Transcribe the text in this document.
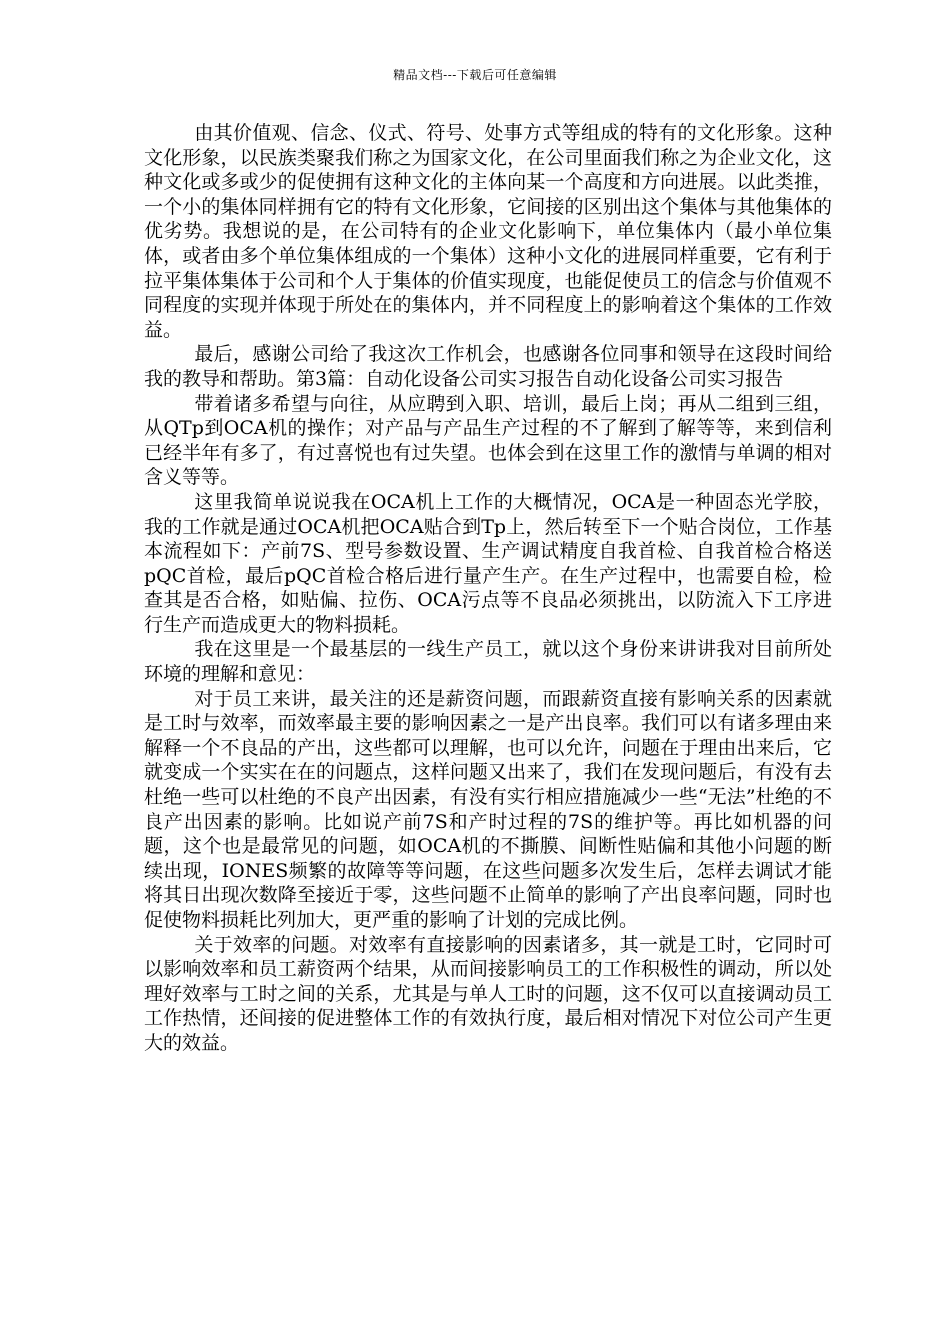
精品文档---下载后可任意编辑

由其价值观、信念、仪式、符号、处事方式等组成的特有的文化形象。这种文化形象，以民族类聚我们称之为国家文化，在公司里面我们称之为企业文化，这种文化或多或少的促使拥有这种文化的主体向某一个高度和方向进展。以此类推，一个小的集体同样拥有它的特有文化形象，它间接的区别出这个集体与其他集体的优劣势。我想说的是，在公司特有的企业文化影响下，单位集体内（最小单位集体，或者由多个单位集体组成的一个集体）这种小文化的进展同样重要，它有利于拉平集体集体于公司和个人于集体的价值实现度，也能促使员工的信念与价值观不同程度的实现并体现于所处在的集体内，并不同程度上的影响着这个集体的工作效益。

最后，感谢公司给了我这次工作机会，也感谢各位同事和领导在这段时间给我的教导和帮助。第3篇：自动化设备公司实习报告自动化设备公司实习报告

带着诸多希望与向往，从应聘到入职、培训，最后上岗；再从二组到三组，从QTp到OCA机的操作；对产品与产品生产过程的不了解到了解等等，来到信利已经半年有多了，有过喜悦也有过失望。也体会到在这里工作的激情与单调的相对含义等等。

这里我简单说说我在OCA机上工作的大概情况，OCA是一种固态光学胶，我的工作就是通过OCA机把OCA贴合到Tp上，然后转至下一个贴合岗位，工作基本流程如下：产前7S、型号参数设置、生产调试精度自我首检、自我首检合格送pQC首检，最后pQC首检合格后进行量产生产。在生产过程中，也需要自检，检查其是否合格，如贴偏、拉伤、OCA污点等不良品必须挑出，以防流入下工序进行生产而造成更大的物料损耗。

我在这里是一个最基层的一线生产员工，就以这个身份来讲讲我对目前所处环境的理解和意见：

对于员工来讲，最关注的还是薪资问题，而跟薪资直接有影响关系的因素就是工时与效率，而效率最主要的影响因素之一是产出良率。我们可以有诸多理由来解释一个不良品的产出，这些都可以理解，也可以允许，问题在于理由出来后，它就变成一个实实在在的问题点，这样问题又出来了，我们在发现问题后，有没有去杜绝一些可以杜绝的不良产出因素，有没有实行相应措施减少一些“无法”杜绝的不良产出因素的影响。比如说产前7S和产时过程的7S的维护等。再比如机器的问题，这个也是最常见的问题，如OCA机的不撕膜、间断性贴偏和其他小问题的断续出现，IONES频繁的故障等等问题，在这些问题多次发生后，怎样去调试才能将其日出现次数降至接近于零，这些问题不止简单的影响了产出良率问题，同时也促使物料损耗比列加大，更严重的影响了计划的完成比例。

关于效率的问题。对效率有直接影响的因素诸多，其一就是工时，它同时可以影响效率和员工薪资两个结果，从而间接影响员工的工作积极性的调动，所以处理好效率与工时之间的关系，尤其是与单人工时的问题，这不仅可以直接调动员工工作热情，还间接的促进整体工作的有效执行度，最后相对情况下对位公司产生更大的效益。
